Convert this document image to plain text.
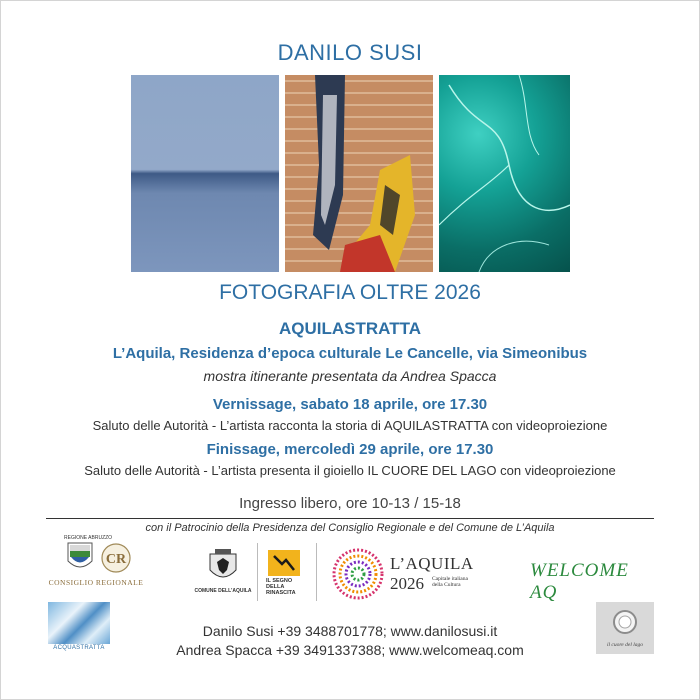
DANILO SUSI
FOTOGRAFIA OLTRE 2026
AQUILASTRATTA
L’Aquila, Residenza d’epoca culturale Le Cancelle, via Simeonibus
mostra itinerante presentata da Andrea Spacca
Vernissage, sabato 18 aprile, ore 17.30
Saluto delle Autorità - L’artista racconta la storia di AQUILASTRATTA con videoproiezione
Finissage, mercoledì 29 aprile, ore 17.30
Saluto delle Autorità - L’artista presenta il gioiello IL CUORE DEL LAGO con videoproiezione
Ingresso libero, ore 10-13 / 15-18
con il Patrocinio della Presidenza del Consiglio Regionale e del Comune de L’Aquila
REGIONE ABRUZZO
CR
CONSIGLIO REGIONALE
COMUNE DELL'AQUILA
IL SEGNO DELLA RINASCITA
L’AQUILA
2026 Capitale italiana della Cultura
WELCOME AQ
ACQUASTRATTA	il cuore del lago
Danilo Susi +39 3488701778; www.danilosusi.it
Andrea Spacca +39 3491337388; www.welcomeaq.com
